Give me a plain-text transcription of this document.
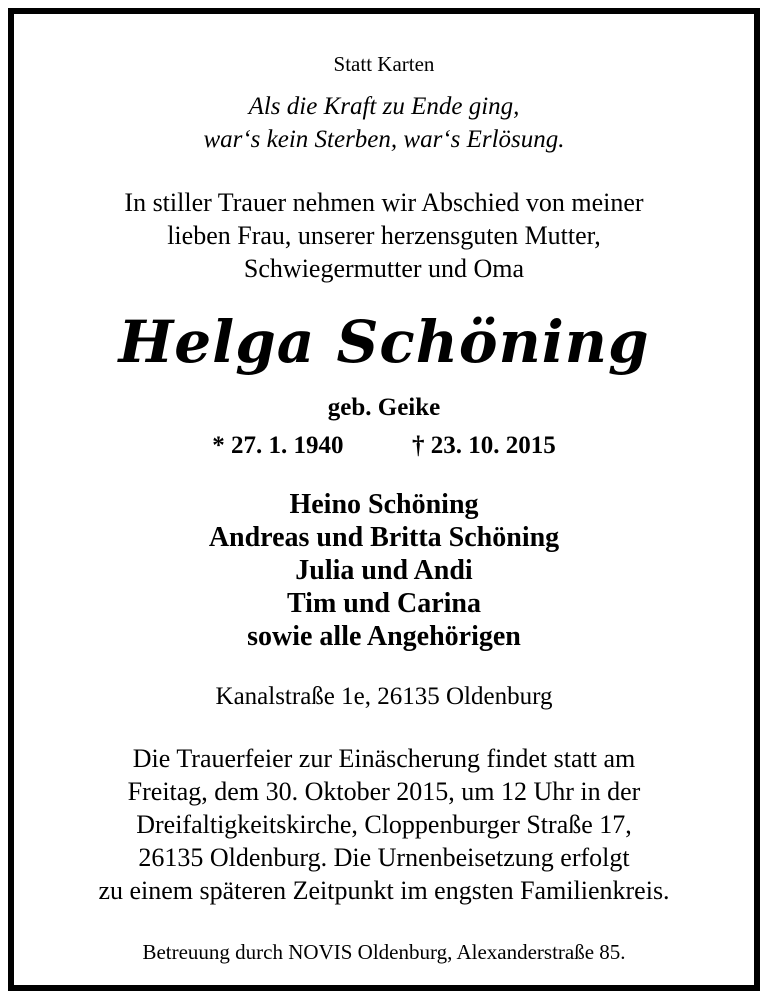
Statt Karten
Als die Kraft zu Ende ging,
war‘s kein Sterben, war‘s Erlösung.
In stiller Trauer nehmen wir Abschied von meiner
lieben Frau, unserer herzensguten Mutter,
Schwiegermutter und Oma
Helga Schöning
geb. Geike
* 27. 1. 1940	† 23. 10. 2015
Heino Schöning
Andreas und Britta Schöning
Julia und Andi
Tim und Carina
sowie alle Angehörigen
Kanalstraße 1e, 26135 Oldenburg
Die Trauerfeier zur Einäscherung findet statt am
Freitag, dem 30. Oktober 2015, um 12 Uhr in der
Dreifaltigkeitskirche, Cloppenburger Straße 17,
26135 Oldenburg. Die Urnenbeisetzung erfolgt
zu einem späteren Zeitpunkt im engsten Familienkreis.
Betreuung durch NOVIS Oldenburg, Alexanderstraße 85.
